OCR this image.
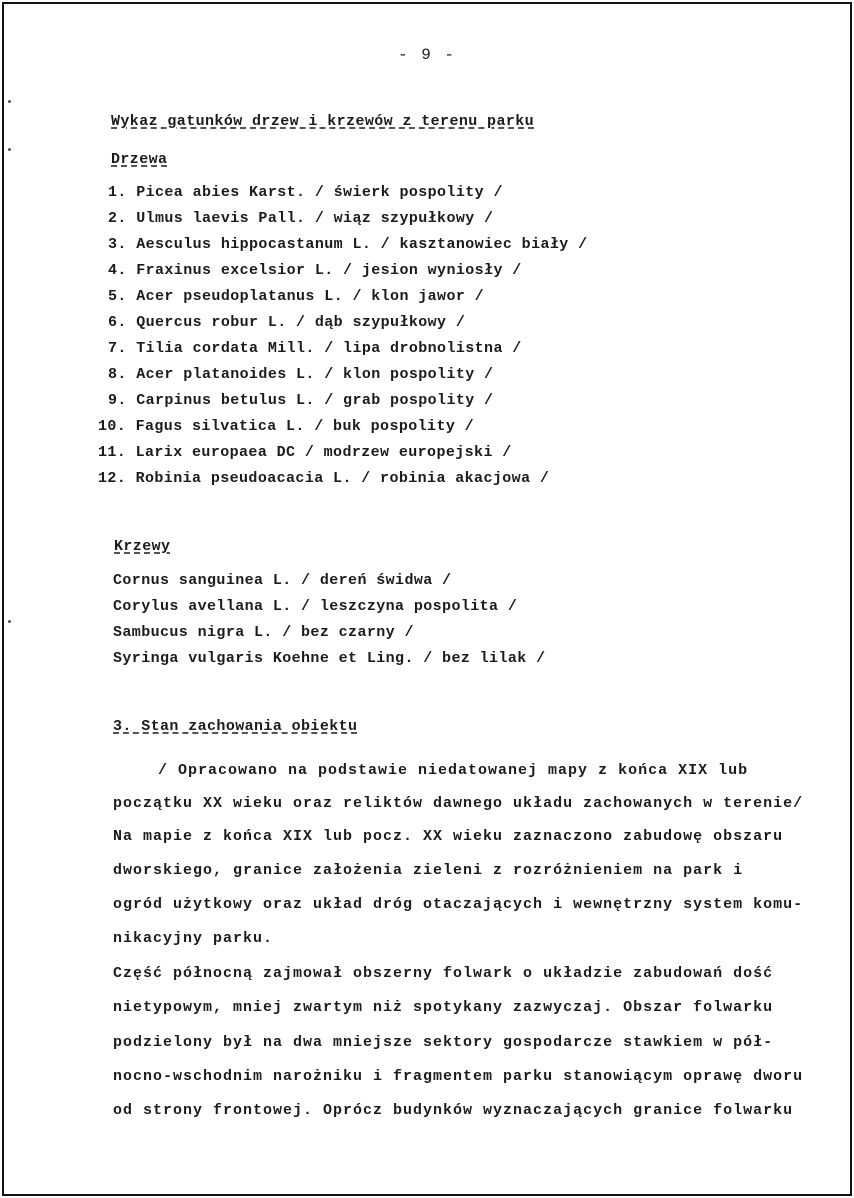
- 9 -
Wykaz gatunków drzew i krzewów z terenu parku
Drzewa
1. Picea abies Karst. / świerk pospolity /
2. Ulmus laevis Pall. / wiąz szypułkowy /
3. Aesculus hippocastanum L. / kasztanowiec biały /
4. Fraxinus excelsior L. / jesion wyniosły /
5. Acer pseudoplatanus L. / klon jawor /
6. Quercus robur L. / dąb szypułkowy /
7. Tilia cordata Mill. / lipa drobnolistna /
8. Acer platanoides L. / klon pospolity /
9. Carpinus betulus L. / grab pospolity /
10. Fagus silvatica L. / buk pospolity /
11. Larix europaea DC / modrzew europejski /
12. Robinia pseudoacacia L. / robinia akacjowa /
Krzewy
Cornus sanguinea L. / dereń świdwa /
Corylus avellana L. / leszczyna pospolita /
Sambucus nigra L. / bez czarny /
Syringa vulgaris Koehne et Ling. / bez lilak /
3. Stan zachowania obiektu
/ Opracowano na podstawie niedatowanej mapy z końca XIX lub
początku XX wieku oraz reliktów dawnego układu zachowanych w terenie/
Na mapie z końca XIX lub pocz. XX wieku zaznaczono zabudowę obszaru
dworskiego, granice założenia zieleni z rozróżnieniem na park i
ogród użytkowy oraz układ dróg otaczających i wewnętrzny system komu-
nikacyjny parku.
Część północną zajmował obszerny folwark o układzie zabudowań dość
nietypowym, mniej zwartym niż spotykany zazwyczaj. Obszar folwarku
podzielony był na dwa mniejsze sektory gospodarcze stawkiem w pół-
nocno-wschodnim narożniku i fragmentem parku stanowiącym oprawę dworu
od strony frontowej. Oprócz budynków wyznaczających granice folwarku
